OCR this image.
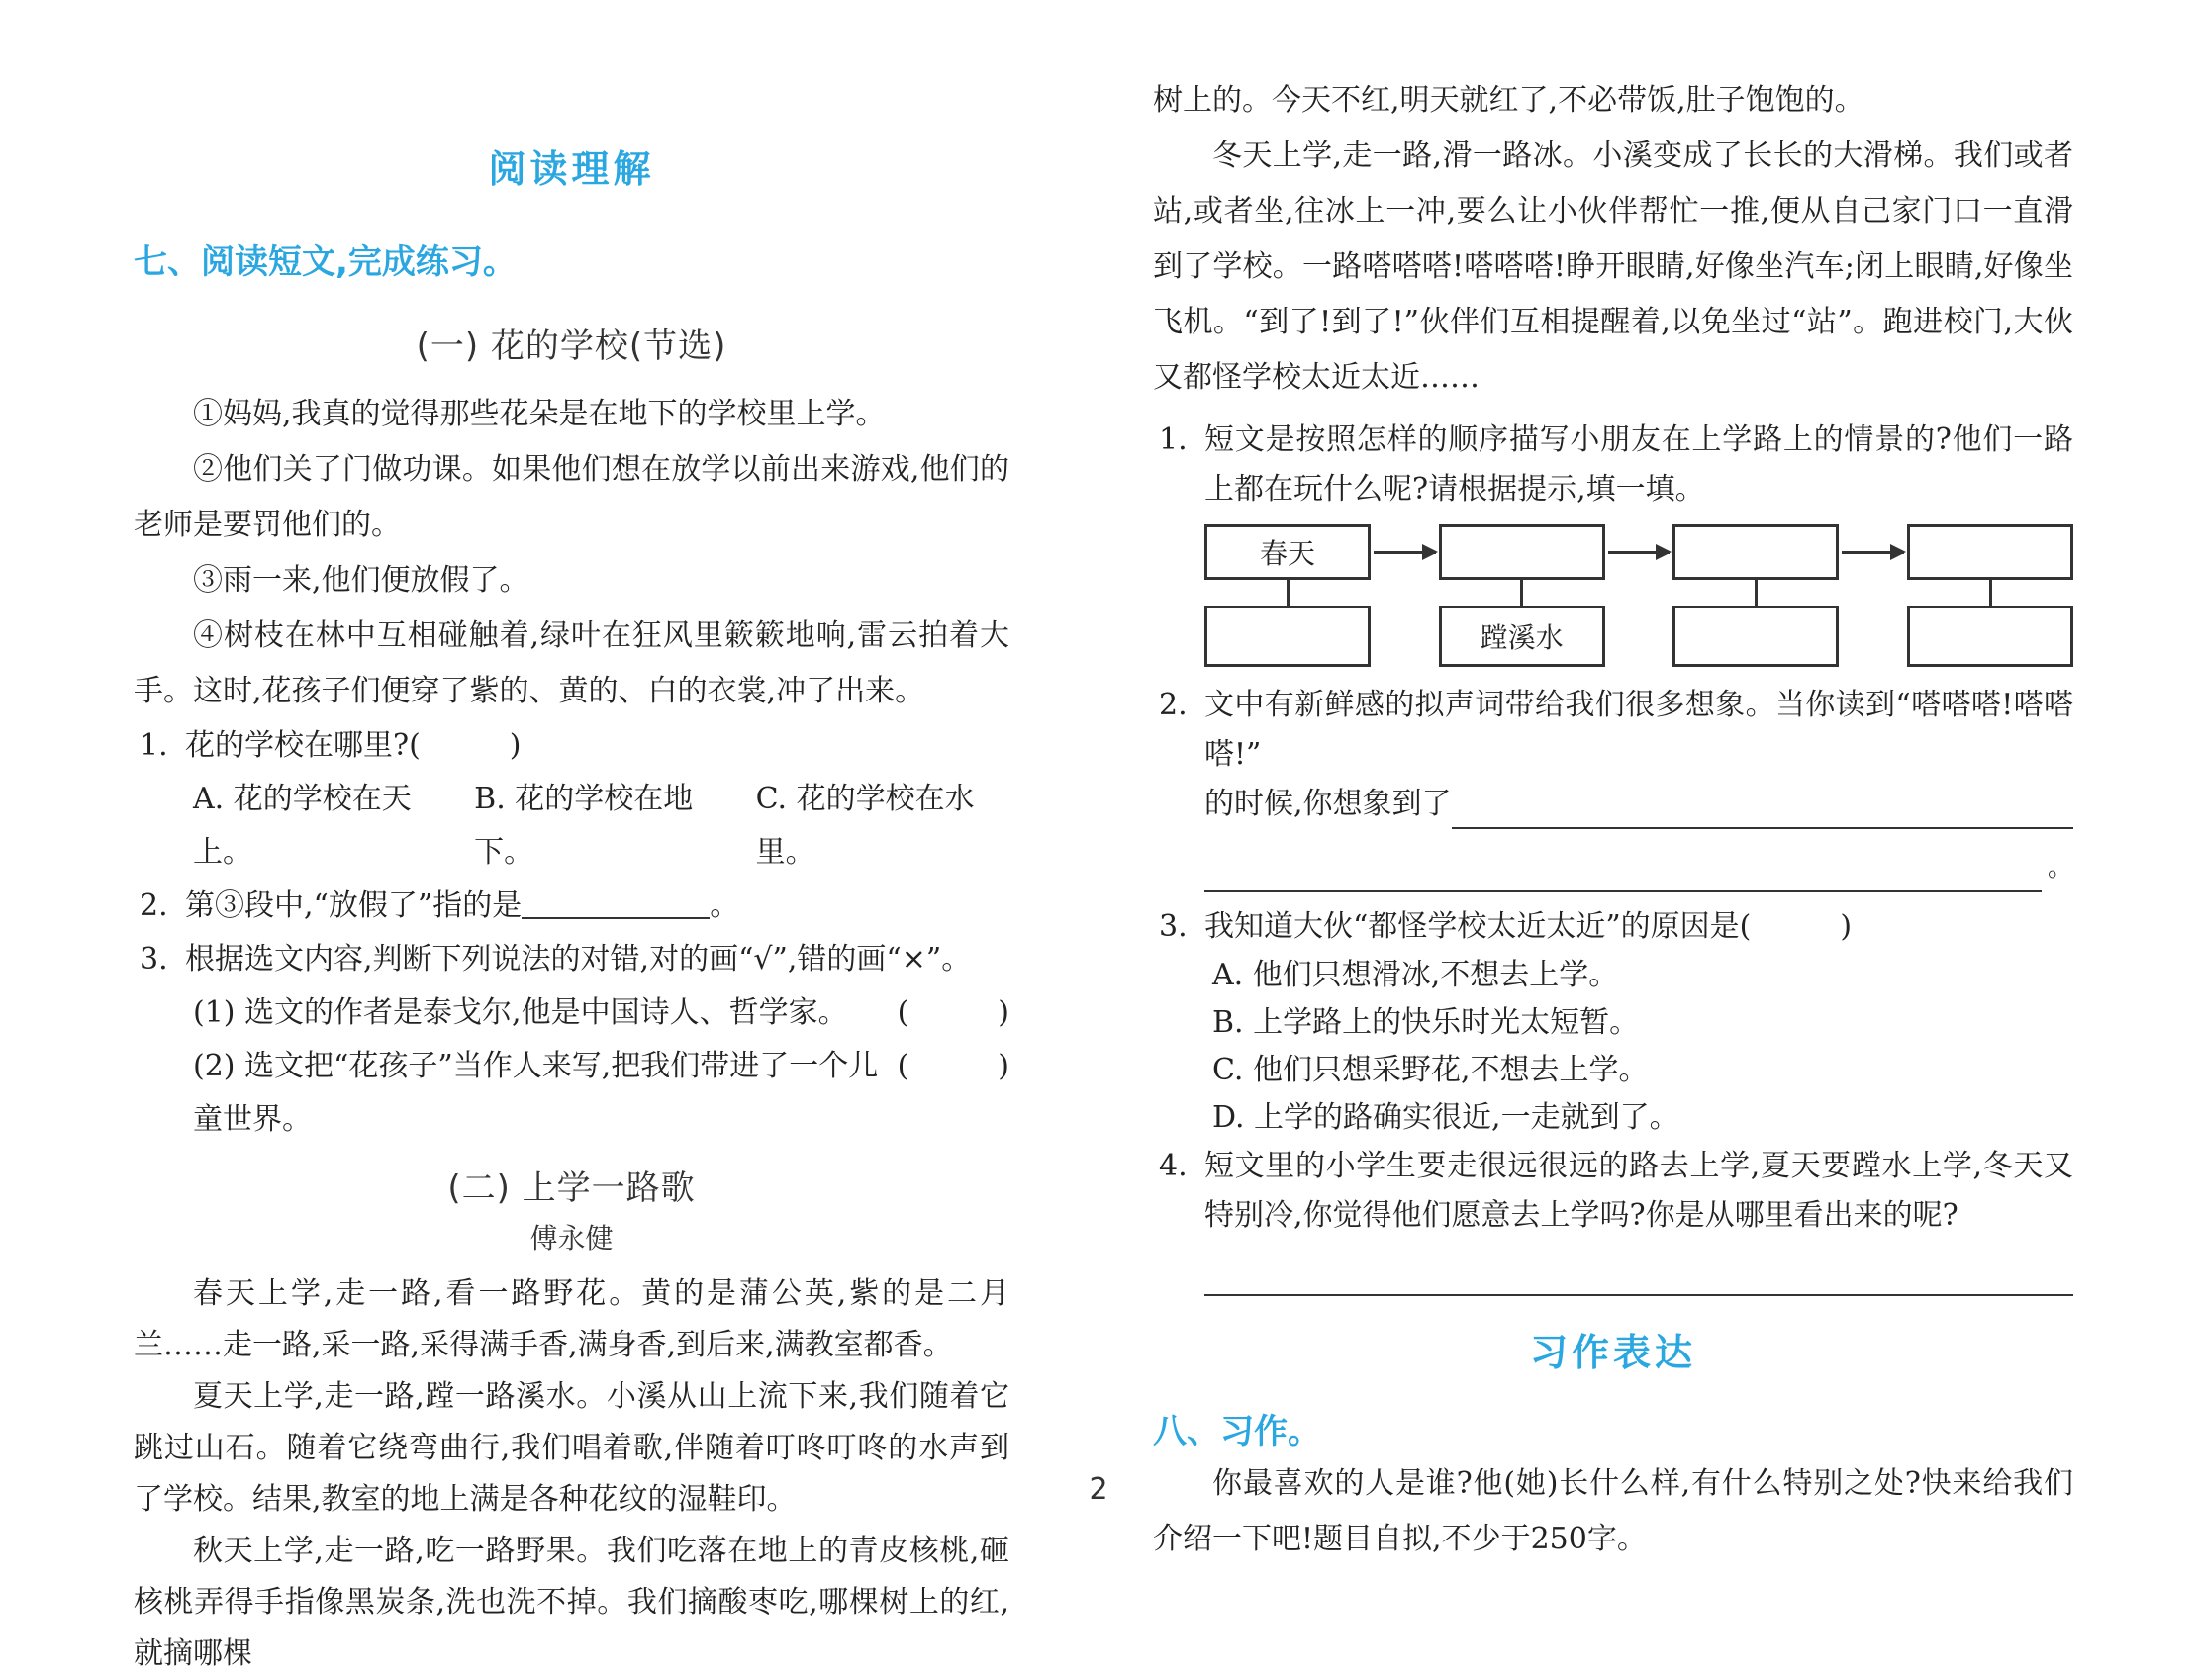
阅读理解
七、阅读短文,完成练习。
(一) 花的学校(节选)

①妈妈,我真的觉得那些花朵是在地下的学校里上学。

②他们关了门做功课。如果他们想在放学以前出来游戏,他们的老师是要罚他们的。

③雨一来,他们便放假了。

④树枝在林中互相碰触着,绿叶在狂风里簌簌地响,雷云拍着大手。这时,花孩子们便穿了紫的、黄的、白的衣裳,冲了出来。

1. 花的学校在哪里?(　　　)
A. 花的学校在天上。
B. 花的学校在地下。
C. 花的学校在水里。
2. 第③段中,“放假了”指的是	。
3. 根据选文内容,判断下列说法的对错,对的画“√”,错的画“×”。
(1) 选文的作者是泰戈尔,他是中国诗人、哲学家。 (　　　)
(2) 选文把“花孩子”当作人来写,把我们带进了一个儿童世界。
(　　　)
(二) 上学一路歌
傅永健

春天上学,走一路,看一路野花。黄的是蒲公英,紫的是二月兰……走一路,采一路,采得满手香,满身香,到后来,满教室都香。

夏天上学,走一路,蹚一路溪水。小溪从山上流下来,我们随着它跳过山石。随着它绕弯曲行,我们唱着歌,伴随着叮咚叮咚的水声到了学校。结果,教室的地上满是各种花纹的湿鞋印。

秋天上学,走一路,吃一路野果。我们吃落在地上的青皮核桃,砸核桃弄得手指像黑炭条,洗也洗不掉。我们摘酸枣吃,哪棵树上的红,就摘哪棵

树上的。今天不红,明天就红了,不必带饭,肚子饱饱的。

冬天上学,走一路,滑一路冰。小溪变成了长长的大滑梯。我们或者站,或者坐,往冰上一冲,要么让小伙伴帮忙一推,便从自己家门口一直滑到了学校。一路嗒嗒嗒!嗒嗒嗒!睁开眼睛,好像坐汽车;闭上眼睛,好像坐飞机。“到了!到了!”伙伴们互相提醒着,以免坐过“站”。跑进校门,大伙又都怪学校太近太近……

1. 短文是按照怎样的顺序描写小朋友在上学路上的情景的?他们一路上都在玩什么呢?请根据提示,填一填。
春天
蹚溪水
2. 文中有新鲜感的拟声词带给我们很多想象。当你读到“嗒嗒嗒!嗒嗒嗒!”
的时候,你想象到了
。
3. 我知道大伙“都怪学校太近太近”的原因是(　　　)
A. 他们只想滑冰,不想去上学。
B. 上学路上的快乐时光太短暂。
C. 他们只想采野花,不想去上学。
D. 上学的路确实很近,一走就到了。
4. 短文里的小学生要走很远很远的路去上学,夏天要蹚水上学,冬天又特别冷,你觉得他们愿意去上学吗?你是从哪里看出来的呢?
习作表达
八、习作。

你最喜欢的人是谁?他(她)长什么样,有什么特别之处?快来给我们介绍一下吧!题目自拟,不少于250字。

2
